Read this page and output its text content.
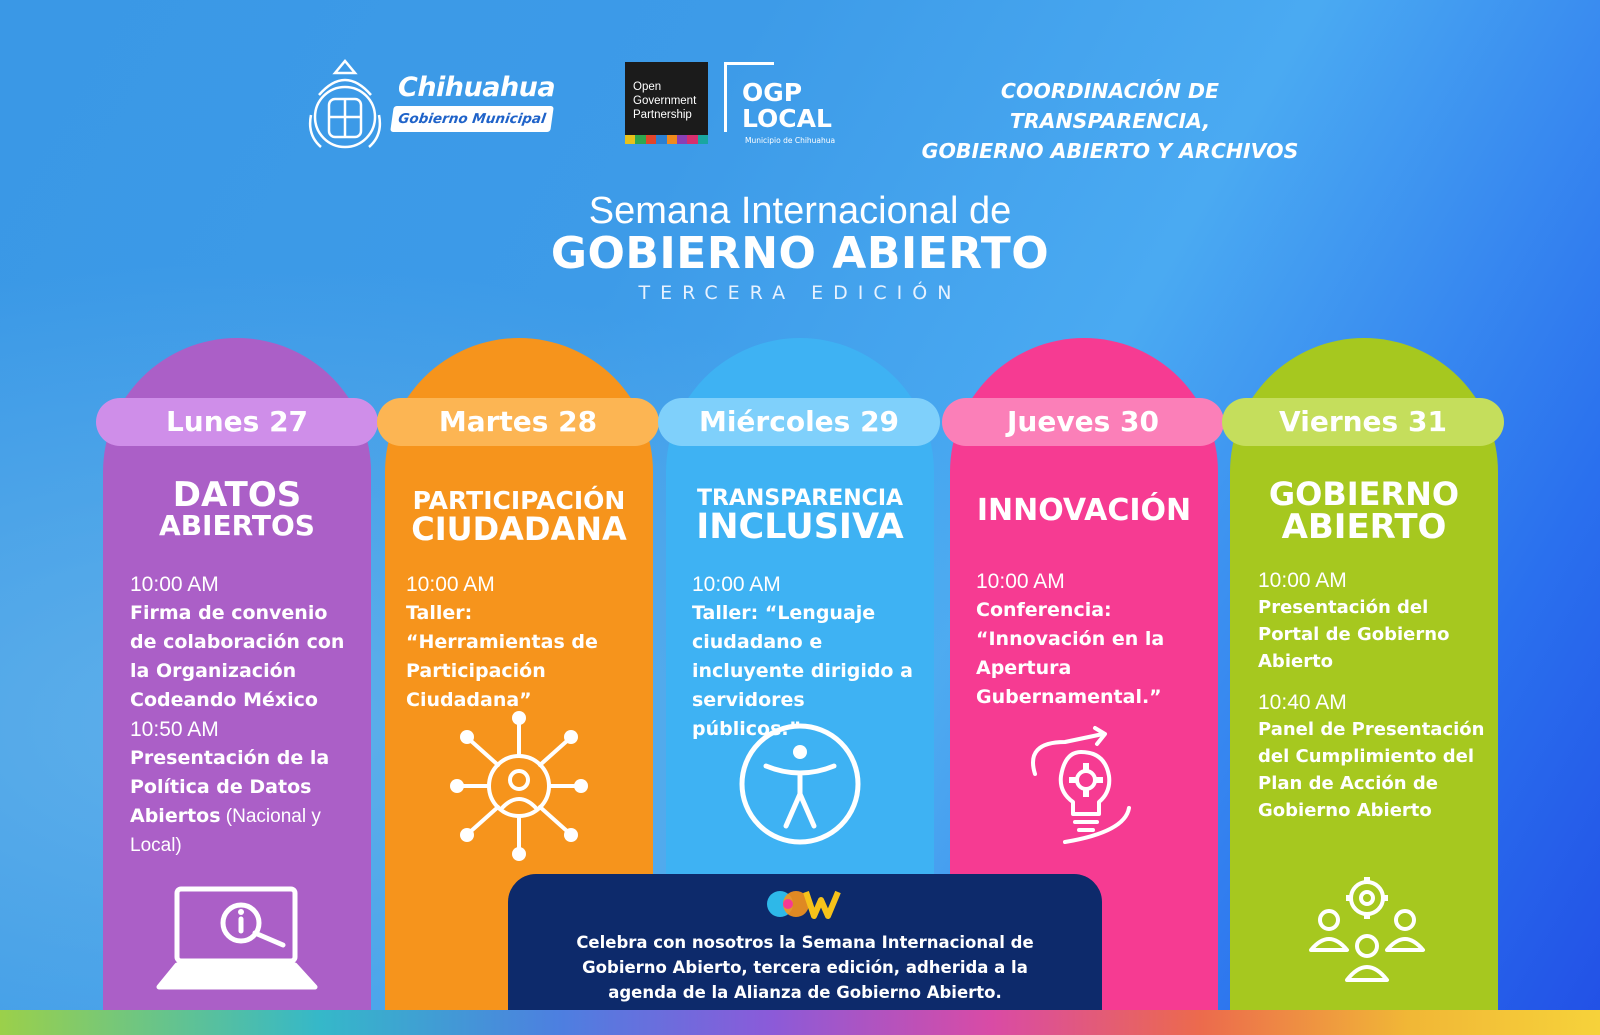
Chihuahua
Gobierno Municipal
Open
Government
Partnership
OGP
LOCAL
Municipio de Chihuahua
COORDINACIÓN DE TRANSPARENCIA,
GOBIERNO ABIERTO Y ARCHIVOS
Semana Internacional de
GOBIERNO ABIERTO
TERCERA EDICIÓN
Lunes 27
DATOS
ABIERTOS
10:00 AM
Firma de convenio de colaboración con la Organización Codeando México
10:50 AM
Presentación de la Política de Datos Abiertos (Nacional y Local)
Martes 28
PARTICIPACIÓN
CIUDADANA
10:00 AM
Taller: “Herramientas de Participación Ciudadana”
Miércoles 29
TRANSPARENCIA
INCLUSIVA
10:00 AM
Taller: “Lenguaje ciudadano e incluyente dirigido a servidores públicos.”
Jueves 30
INNOVACIÓN
10:00 AM
Conferencia: “Innovación en la Apertura Gubernamental.”
Viernes 31
GOBIERNO
ABIERTO
10:00 AM
Presentación del Portal de Gobierno Abierto
10:40 AM
Panel de Presentación del Cumplimiento del Plan de Acción de Gobierno Abierto
Celebra con nosotros la Semana Internacional de
Gobierno Abierto, tercera edición, adherida a la
agenda de la Alianza de Gobierno Abierto.
